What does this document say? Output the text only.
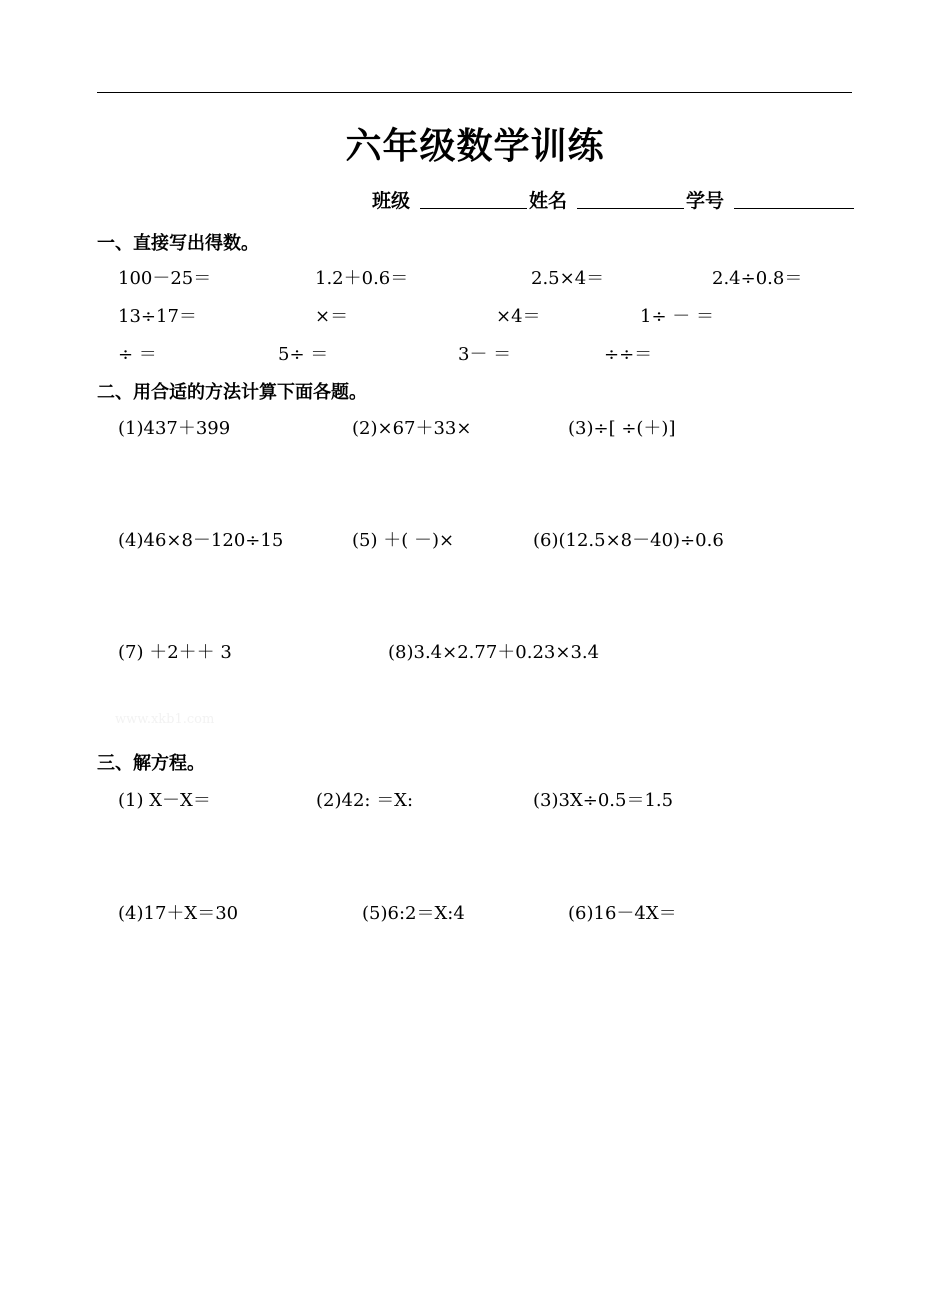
六年级数学训练
班级	姓名	学号
一、直接写出得数。
100－25＝	1.2＋0.6＝	2.5×4＝	2.4÷0.8＝
13÷17＝	×＝	×4＝	1÷ － ＝
÷ ＝	5÷ ＝	3－ ＝	÷÷＝
二、用合适的方法计算下面各题。
(1)437＋399	(2)×67＋33×	(3)÷[ ÷(＋)]
(4)46×8－120÷15	(5) ＋( －)×	(6)(12.5×8－40)÷0.6
(7) ＋2＋＋ 3	(8)3.4×2.77＋0.23×3.4
www.xkb1.com
三、解方程。
(1) X－X＝	(2)42: ＝X:	(3)3X÷0.5＝1.5
(4)17＋X＝30	(5)6:2＝X:4	(6)16－4X＝
